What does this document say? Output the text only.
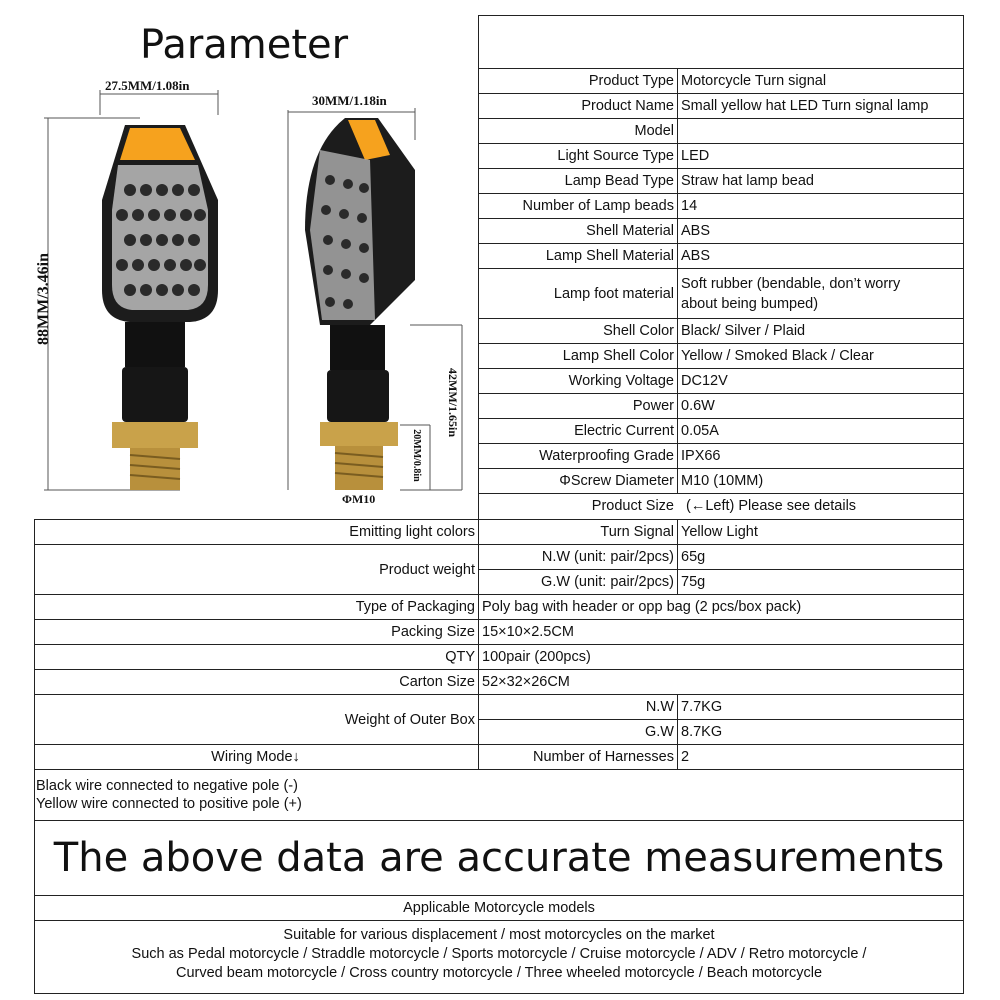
Parameter
27.5MM/1.08in
30MM/1.18in
88MM/3.46in
42MM/1.65in
20MM/0.8in
ΦM10
Product Type Motorcycle Turn signal
Product Name Small yellow hat LED Turn signal lamp
Model
Light Source Type LED
Lamp Bead Type Straw hat lamp bead
Number of Lamp beads 14
Shell Material ABS
Lamp Shell Material ABS
Lamp foot material
Soft rubber (bendable, don’t worry
about being bumped)
Shell Color Black/ Silver / Plaid
Lamp Shell Color Yellow / Smoked Black / Clear
Working Voltage DC12V
Power 0.6W
Electric Current 0.05A
Waterproofing Grade IPX66
ΦScrew Diameter M10 (10MM)
Product Size (←Left) Please see details
Emitting light colors	Turn Signal Yellow Light
Product weight
N.W (unit: pair/2pcs) 65g
G.W (unit: pair/2pcs) 75g
Type of Packaging Poly bag with header or opp bag (2 pcs/box pack)
Packing Size 15×10×2.5CM
QTY 100pair (200pcs)
Carton Size 52×32×26CM
Weight of Outer Box
N.W 7.7KG
G.W 8.7KG
Wiring Mode↓	Number of Harnesses 2
Black wire connected to negative pole (-)
Yellow wire connected to positive pole (+)
The above data are accurate measurements
Applicable Motorcycle models
Suitable for various displacement / most motorcycles on the market
Such as Pedal motorcycle / Straddle motorcycle / Sports motorcycle / Cruise motorcycle / ADV / Retro motorcycle /
Curved beam motorcycle / Cross country motorcycle / Three wheeled motorcycle / Beach motorcycle
